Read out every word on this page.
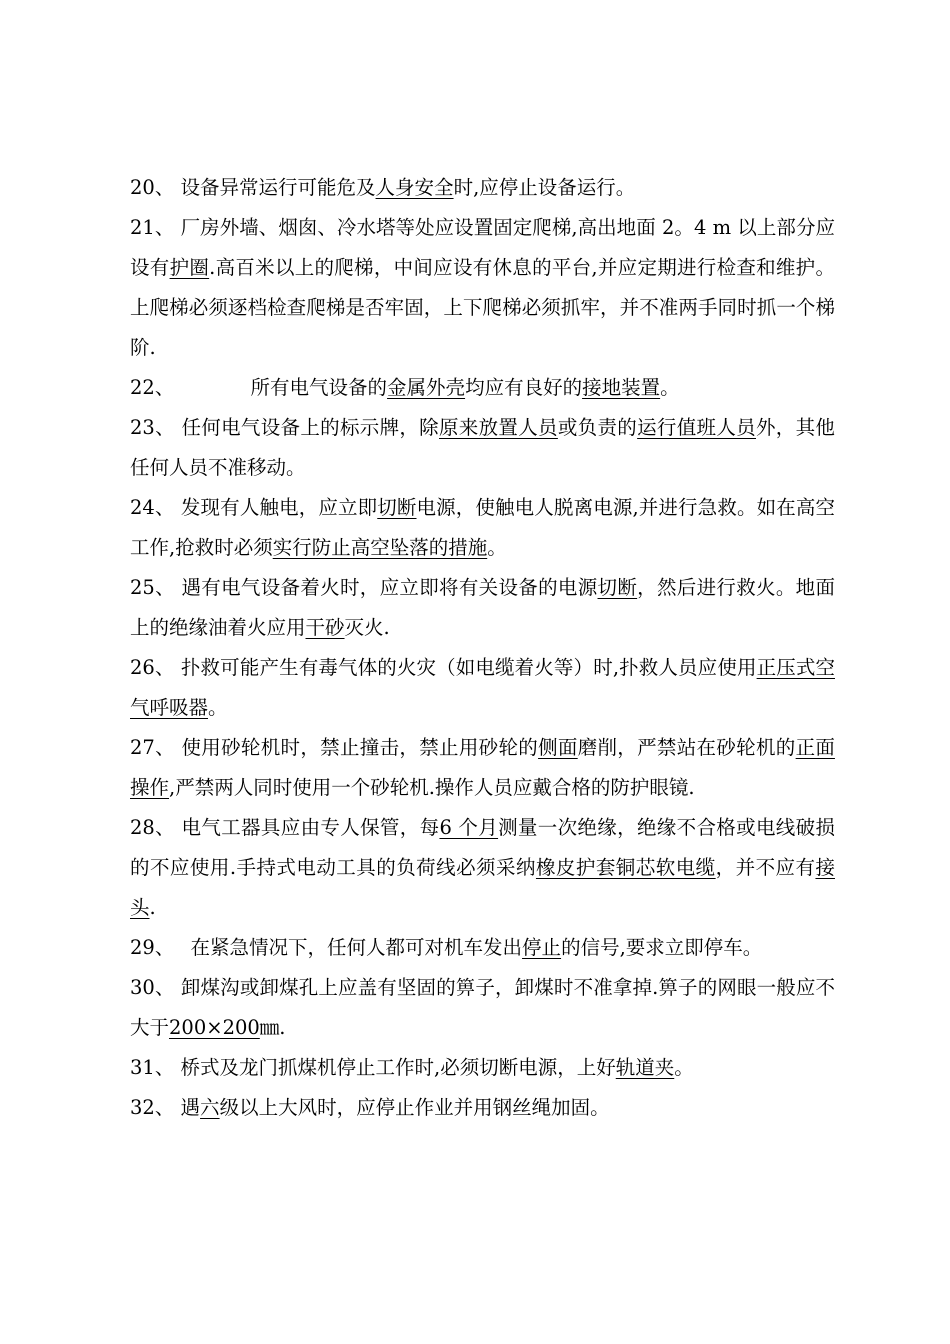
20、 设备异常运行可能危及人身安全时,应停止设备运行。

21、 厂房外墙、烟囱、冷水塔等处应设置固定爬梯,高出地面 2。4 m 以上部分应设有护圈.高百米以上的爬梯，中间应设有休息的平台,并应定期进行检查和维护。上爬梯必须逐档检查爬梯是否牢固，上下爬梯必须抓牢，并不准两手同时抓一个梯阶.

22、	所有电气设备的金属外壳均应有良好的接地装置。

23、 任何电气设备上的标示牌，除原来放置人员或负责的运行值班人员外，其他任何人员不准移动。

24、 发现有人触电，应立即切断电源，使触电人脱离电源,并进行急救。如在高空工作,抢救时必须实行防止高空坠落的措施。

25、 遇有电气设备着火时，应立即将有关设备的电源切断，然后进行救火。地面上的绝缘油着火应用干砂灭火.

26、 扑救可能产生有毒气体的火灾（如电缆着火等）时,扑救人员应使用正压式空气呼吸器。

27、 使用砂轮机时，禁止撞击，禁止用砂轮的侧面磨削，严禁站在砂轮机的正面操作,严禁两人同时使用一个砂轮机.操作人员应戴合格的防护眼镜.

28、 电气工器具应由专人保管，每6 个月测量一次绝缘，绝缘不合格或电线破损的不应使用.手持式电动工具的负荷线必须采纳橡皮护套铜芯软电缆，并不应有接头.

29、 在紧急情况下，任何人都可对机车发出停止的信号,要求立即停车。

30、 卸煤沟或卸煤孔上应盖有坚固的箅子，卸煤时不准拿掉.箅子的网眼一般应不大于200×200㎜.

31、 桥式及龙门抓煤机停止工作时,必须切断电源，上好轨道夹。

32、 遇六级以上大风时，应停止作业并用钢丝绳加固。
